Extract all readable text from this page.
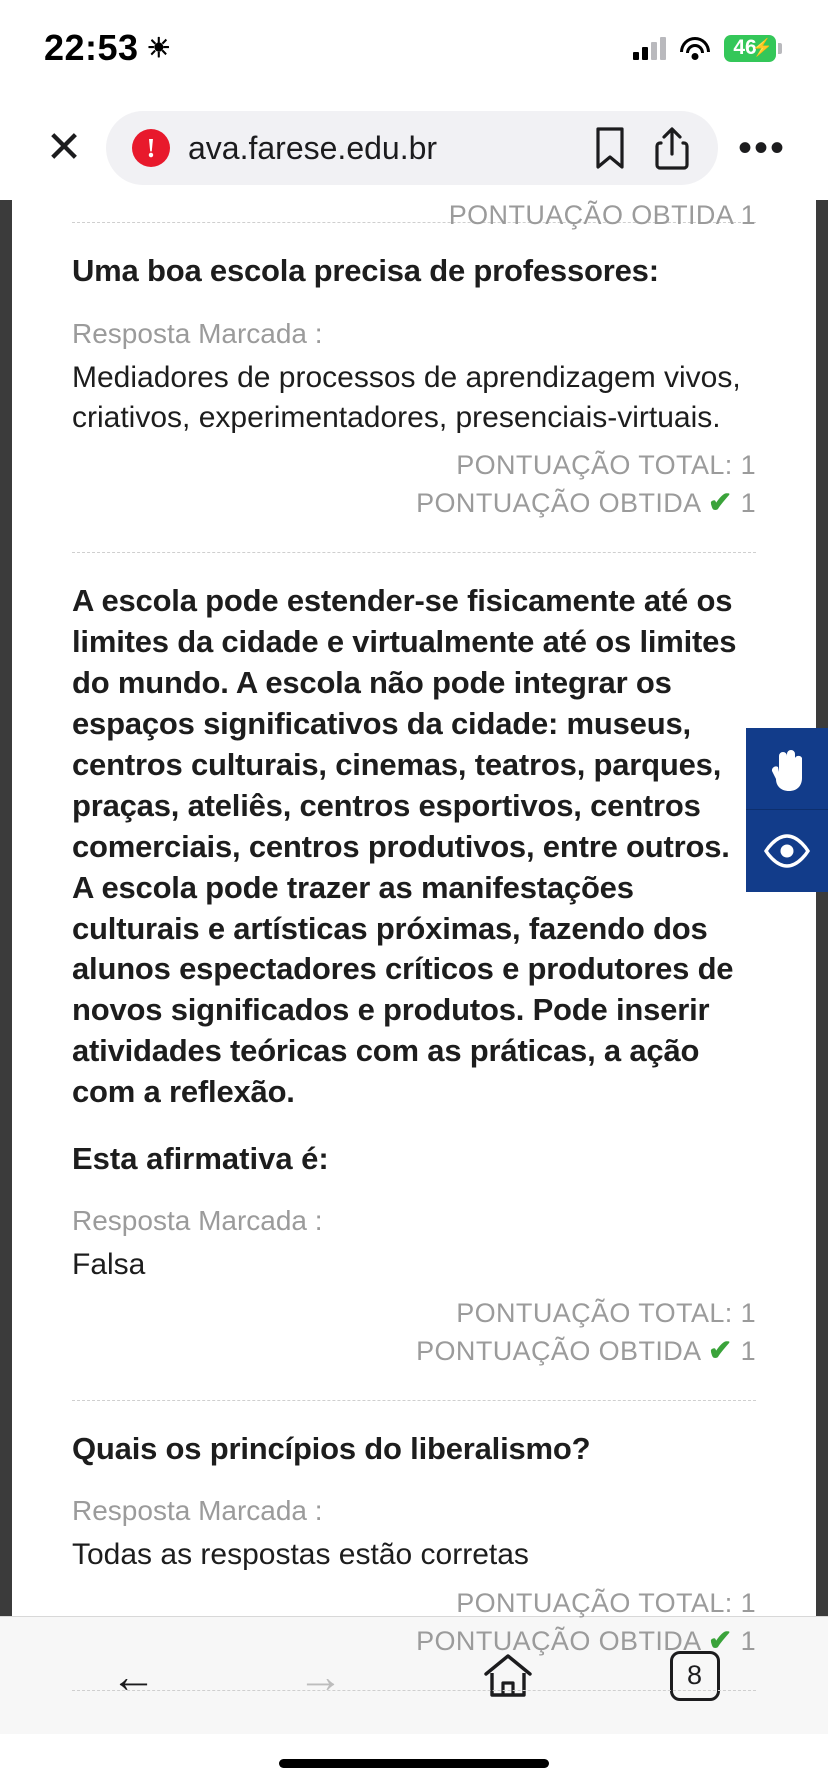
22:53 ☀	46
⚡
✕	!	ava.farese.edu.br	•••
PONTUAÇÃO OBTIDA 1
Uma boa escola precisa de professores:
Resposta Marcada :
Mediadores de processos de aprendizagem vivos, criativos, experimentadores, presenciais-virtuais.
PONTUAÇÃO TOTAL: 1
PONTUAÇÃO OBTIDA ✔ 1
A escola pode estender-se fisicamente até os limites da cidade e virtualmente até os limites do mundo. A escola não pode integrar os espaços significativos da cidade: museus, centros culturais, cinemas, teatros, parques, praças, ateliês, centros esportivos, centros comerciais, centros produtivos, entre outros. A escola pode trazer as manifestações culturais e artísticas próximas, fazendo dos alunos espectadores críticos e produtores de novos significados e produtos. Pode inserir atividades teóricas com as práticas, a ação com a reflexão.
Esta afirmativa é:
Resposta Marcada :
Falsa
PONTUAÇÃO TOTAL: 1
PONTUAÇÃO OBTIDA ✔ 1
Quais os princípios do liberalismo?
Resposta Marcada :
Todas as respostas estão corretas
PONTUAÇÃO TOTAL: 1
PONTUAÇÃO OBTIDA ✔ 1
←	→	8
